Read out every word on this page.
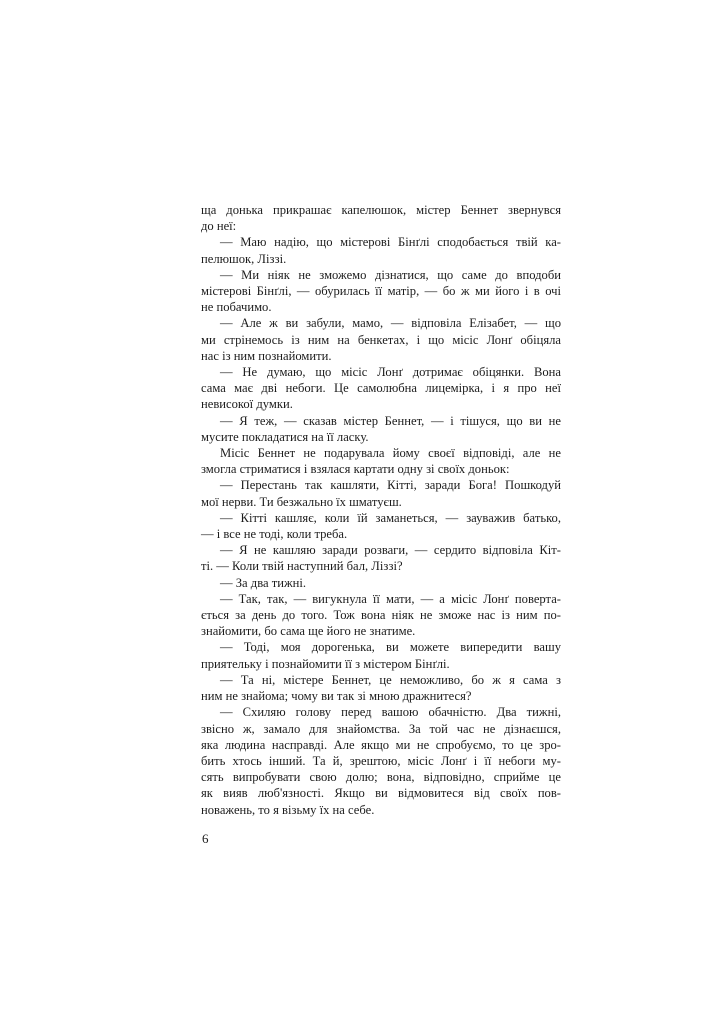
ща донька прикрашає капелюшок, містер Беннет звернувся
до неї:
— Маю надію, що містерові Бінґлі сподобається твій ка-
пелюшок, Ліззі.
— Ми ніяк не зможемо дізнатися, що саме до вподоби
містерові Бінґлі, — обурилась її матір, — бо ж ми його і в очі
не побачимо.
— Але ж ви забули, мамо, — відповіла Елізабет, — що
ми стрінемось із ним на бенкетах, і що місіс Лонґ обіцяла
нас із ним познайомити.
— Не думаю, що місіс Лонґ дотримає обіцянки. Вона
сама має дві небоги. Це самолюбна лицемірка, і я про неї
невисокої думки.
— Я теж, — сказав містер Беннет, — і тішуся, що ви не
мусите покладатися на її ласку.
Місіс Беннет не подарувала йому своєї відповіді, але не
змогла стриматися і взялася картати одну зі своїх доньок:
— Перестань так кашляти, Кітті, заради Бога! Пошкодуй
мої нерви. Ти безжально їх шматуєш.
— Кітті кашляє, коли їй заманеться, — зауважив батько,
— і все не тоді, коли треба.
— Я не кашляю заради розваги, — сердито відповіла Кіт-
ті. — Коли твій наступний бал, Ліззі?
— За два тижні.
— Так, так, — вигукнула її мати, — а місіс Лонґ поверта-
ється за день до того. Тож вона ніяк не зможе нас із ним по-
знайомити, бо сама ще його не знатиме.
— Тоді, моя дорогенька, ви можете випередити вашу
приятельку і познайомити її з містером Бінґлі.
— Та ні, містере Беннет, це неможливо, бо ж я сама з
ним не знайома; чому ви так зі мною дражнитеся?
— Схиляю голову перед вашою обачністю. Два тижні,
звісно ж, замало для знайомства. За той час не дізнаєшся,
яка людина насправді. Але якщо ми не спробуємо, то це зро-
бить хтось інший. Та й, зрештою, місіс Лонґ і її небоги му-
сять випробувати свою долю; вона, відповідно, сприйме це
як вияв люб'язності. Якщо ви відмовитеся від своїх пов-
новажень, то я візьму їх на себе.
6
